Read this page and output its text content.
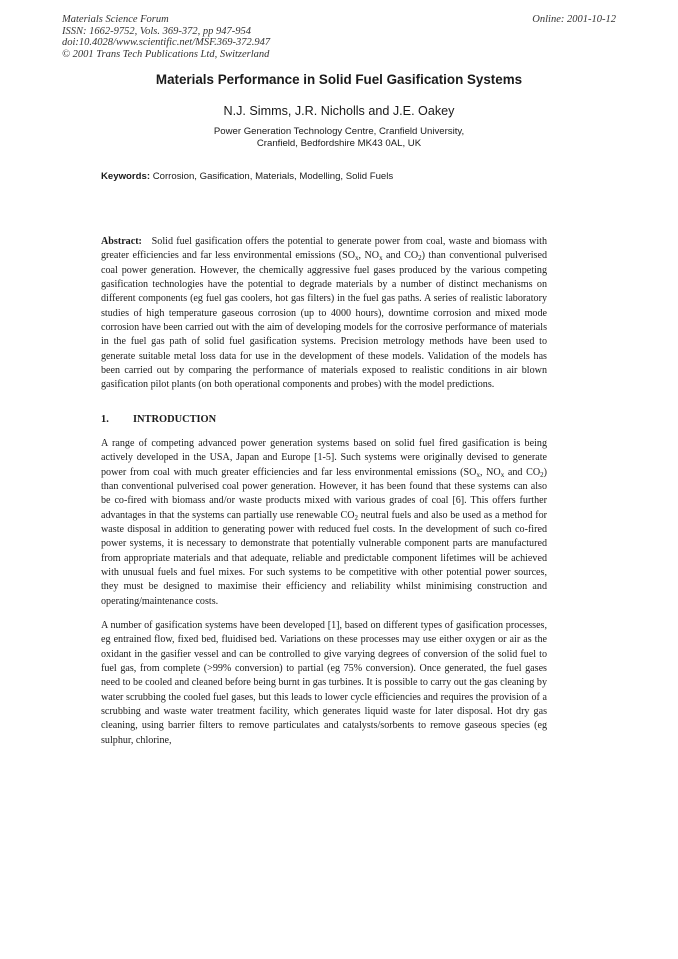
Materials Science Forum
ISSN: 1662-9752, Vols. 369-372, pp 947-954
doi:10.4028/www.scientific.net/MSF.369-372.947
© 2001 Trans Tech Publications Ltd, Switzerland
Online: 2001-10-12
Materials Performance in Solid Fuel Gasification Systems
N.J. Simms, J.R. Nicholls and J.E. Oakey
Power Generation Technology Centre, Cranfield University,
Cranfield, Bedfordshire MK43 0AL, UK
Keywords: Corrosion, Gasification, Materials, Modelling, Solid Fuels

Abstract: Solid fuel gasification offers the potential to generate power from coal, waste and biomass with greater efficiencies and far less environmental emissions ($SO_x$, $NO_x$ and $CO_2$) than conventional pulverised coal power generation. However, the chemically aggressive fuel gases produced by the various competing gasification technologies have the potential to degrade materials by a number of distinct mechanisms on different components (eg fuel gas coolers, hot gas filters) in the fuel gas paths. A series of realistic laboratory studies of high temperature gaseous corrosion (up to 4000 hours), downtime corrosion and mixed mode corrosion have been carried out with the aim of developing models for the corrosive performance of materials in the fuel gas path of solid fuel gasification systems. Precision metrology methods have been used to generate suitable metal loss data for use in the development of these models. Validation of the models has been carried out by comparing the performance of materials exposed to realistic conditions in air blown gasification pilot plants (on both operational components and probes) with the model predictions.

1. INTRODUCTION

A range of competing advanced power generation systems based on solid fuel fired gasification is being actively developed in the USA, Japan and Europe [1-5]. Such systems were originally devised to generate power from coal with much greater efficiencies and far less environmental emissions ($SO_x$, $NO_x$ and $CO_2$) than conventional pulverised coal power generation. However, it has been found that these systems can also be co-fired with biomass and/or waste products mixed with various grades of coal [6]. This offers further advantages in that the systems can partially use renewable $CO_2$ neutral fuels and also be used as a method for waste disposal in addition to generating power with reduced fuel costs. In the development of such co-fired power systems, it is necessary to demonstrate that potentially vulnerable component parts are manufactured from appropriate materials and that adequate, reliable and predictable component lifetimes will be achieved with unusual fuels and fuel mixes. For such systems to be competitive with other potential power sources, they must be designed to maximise their efficiency and reliability whilst minimising construction and operating/maintenance costs.

A number of gasification systems have been developed [1], based on different types of gasification processes, eg entrained flow, fixed bed, fluidised bed. Variations on these processes may use either oxygen or air as the oxidant in the gasifier vessel and can be controlled to give varying degrees of conversion of the solid fuel to fuel gas, from complete (>99% conversion) to partial (eg 75% conversion). Once generated, the fuel gases need to be cooled and cleaned before being burnt in gas turbines. It is possible to carry out the gas cleaning by water scrubbing the cooled fuel gases, but this leads to lower cycle efficiencies and requires the provision of a scrubbing and waste water treatment facility, which generates liquid waste for later disposal. Hot dry gas cleaning, using barrier filters to remove particulates and catalysts/sorbents to remove gaseous species (eg sulphur, chlorine,
